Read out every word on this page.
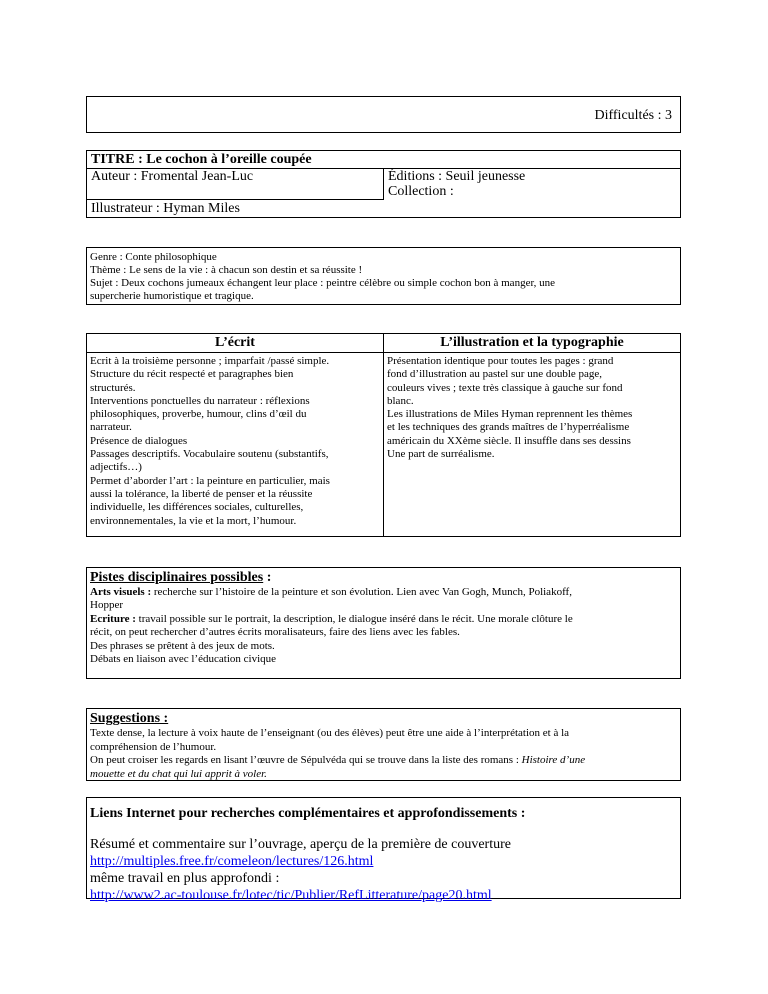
Difficultés : 3
TITRE : Le cochon à l’oreille coupée
Auteur : Fromental Jean-Luc	Éditions : Seuil jeunesse
Collection :
Illustrateur : Hyman Miles
Genre : Conte philosophique
Thème : Le sens de la vie : à chacun son destin et sa réussite !
Sujet : Deux cochons jumeaux échangent leur place : peintre célèbre ou simple cochon bon à manger, une
supercherie humoristique et tragique.
L’écrit	L’illustration et la typographie
Ecrit à la troisième personne ; imparfait /passé simple.
Structure du récit respecté et paragraphes bien
structurés.
Interventions ponctuelles du narrateur : réflexions
philosophiques, proverbe, humour, clins d’œil du
narrateur.
Présence de dialogues
Passages descriptifs. Vocabulaire soutenu (substantifs,
adjectifs…)
Permet d’aborder l’art : la peinture en particulier, mais
aussi la tolérance, la liberté de penser et la réussite
individuelle, les différences sociales, culturelles,
environnementales, la vie et la mort, l’humour.
Présentation identique pour toutes les pages : grand
fond d’illustration au pastel sur une double page,
couleurs vives ; texte très classique à gauche sur fond
blanc.
Les illustrations de Miles Hyman reprennent les thèmes
et les techniques des grands maîtres de l’hyperréalisme
américain du XXème siècle. Il insuffle dans ses dessins
Une part de surréalisme.
Pistes disciplinaires possibles :
Arts visuels : recherche sur l’histoire de la peinture et son évolution. Lien avec Van Gogh, Munch, Poliakoff,
Hopper
Ecriture : travail possible sur le portrait, la description, le dialogue inséré dans le récit. Une morale clôture le
récit, on peut rechercher d’autres écrits moralisateurs, faire des liens avec les fables.
Des phrases se prêtent à des jeux de mots.
Débats en liaison avec l’éducation civique
Suggestions :
Texte dense, la lecture à voix haute de l’enseignant (ou des élèves) peut être une aide à l’interprétation et à la
compréhension de l’humour.
On peut croiser les regards en lisant l’œuvre de Sépulvéda qui se trouve dans la liste des romans : Histoire d’une
mouette et du chat qui lui apprit à voler.
Liens Internet pour recherches complémentaires et approfondissements :
Résumé et commentaire sur l’ouvrage, aperçu de la première de couverture
http://multiples.free.fr/comeleon/lectures/126.html
même travail en plus approfondi :
http://www2.ac-toulouse.fr/lotec/tic/Publier/RefLitterature/page20.html
